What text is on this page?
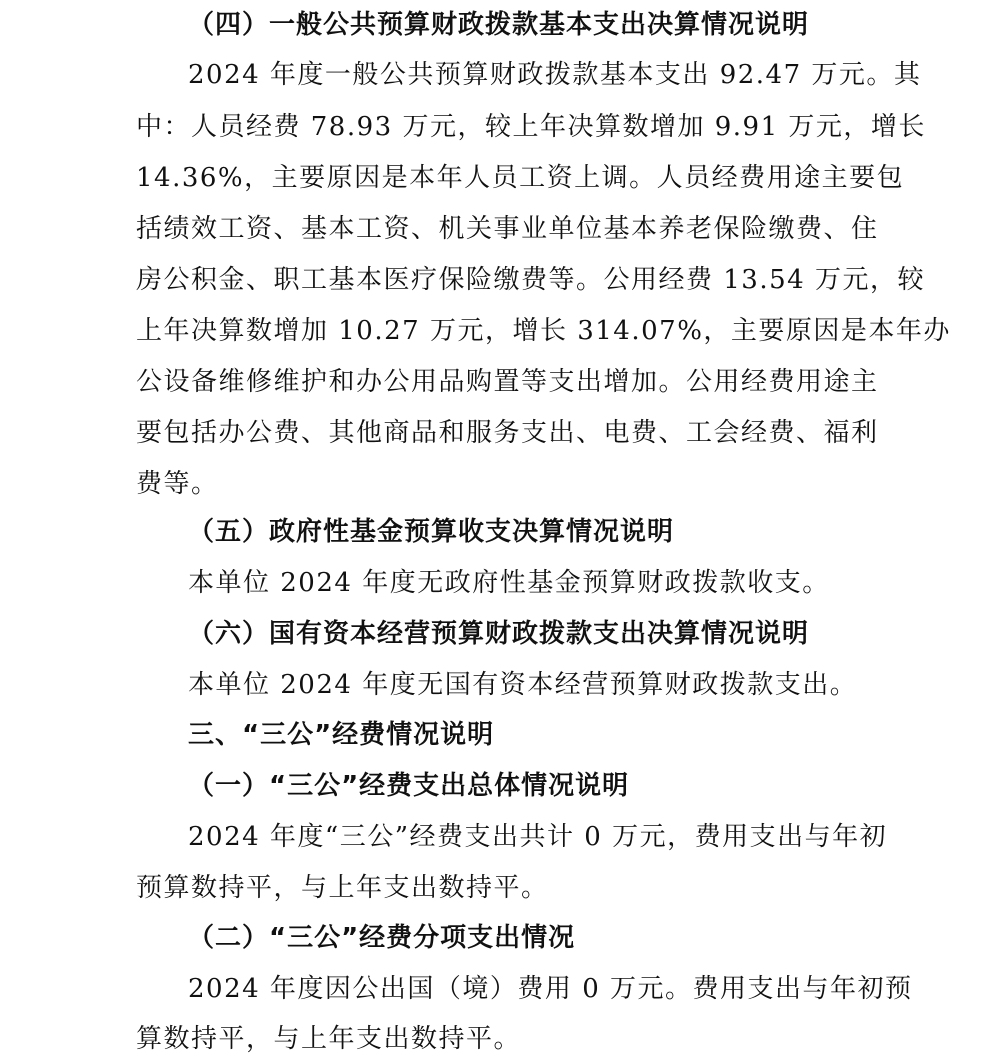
（四）一般公共预算财政拨款基本支出决算情况说明
2024 年度一般公共预算财政拨款基本支出 92.47 万元。其
中：人员经费 78.93 万元，较上年决算数增加 9.91 万元，增长
14.36%，主要原因是本年人员工资上调。人员经费用途主要包
括绩效工资、基本工资、机关事业单位基本养老保险缴费、住
房公积金、职工基本医疗保险缴费等。公用经费 13.54 万元，较
上年决算数增加 10.27 万元，增长 314.07%，主要原因是本年办
公设备维修维护和办公用品购置等支出增加。公用经费用途主
要包括办公费、其他商品和服务支出、电费、工会经费、福利
费等。
（五）政府性基金预算收支决算情况说明
本单位 2024 年度无政府性基金预算财政拨款收支。
（六）国有资本经营预算财政拨款支出决算情况说明
本单位 2024 年度无国有资本经营预算财政拨款支出。
三、“三公”经费情况说明
（一）“三公”经费支出总体情况说明
2024 年度“三公”经费支出共计 0 万元，费用支出与年初
预算数持平，与上年支出数持平。
（二）“三公”经费分项支出情况
2024 年度因公出国（境）费用 0 万元。费用支出与年初预
算数持平，与上年支出数持平。
